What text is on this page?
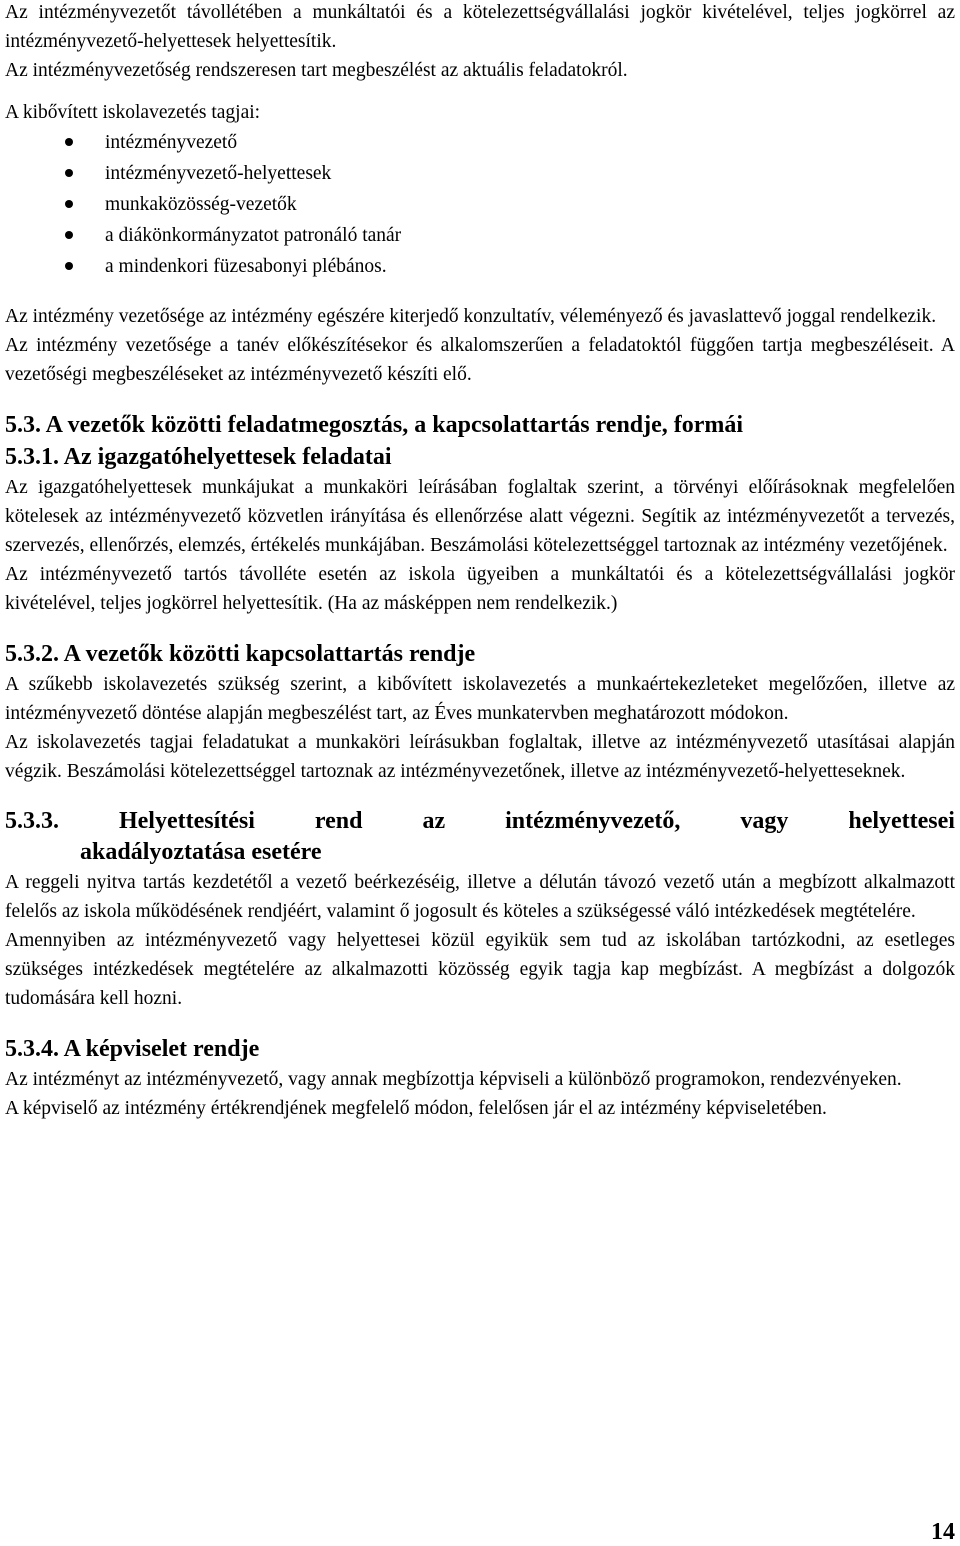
Az intézményvezetőt távollétében a munkáltatói és a kötelezettségvállalási jogkör kivételével, teljes jogkörrel az intézményvezető-helyettesek helyettesítik.

Az intézményvezetőség rendszeresen tart megbeszélést az aktuális feladatokról.

A kibővített iskolavezetés tagjai:

intézményvezető
intézményvezető-helyettesek
munkaközösség-vezetők
a diákönkormányzatot patronáló tanár
a mindenkori füzesabonyi plébános.

Az intézmény vezetősége az intézmény egészére kiterjedő konzultatív, véleményező és javaslattevő joggal rendelkezik.

Az intézmény vezetősége a tanév előkészítésekor és alkalomszerűen a feladatoktól függően tartja megbeszéléseit. A vezetőségi megbeszéléseket az intézményvezető készíti elő.

5.3. A vezetők közötti feladatmegosztás, a kapcsolattartás rendje, formái
5.3.1. Az igazgatóhelyettesek feladatai

Az igazgatóhelyettesek munkájukat a munkaköri leírásában foglaltak szerint, a törvényi előírásoknak megfelelően kötelesek az intézményvezető közvetlen irányítása és ellenőrzése alatt végezni. Segítik az intézményvezetőt a tervezés, szervezés, ellenőrzés, elemzés, értékelés munkájában. Beszámolási kötelezettséggel tartoznak az intézmény vezetőjének.

Az intézményvezető tartós távolléte esetén az iskola ügyeiben a munkáltatói és a kötelezettségvállalási jogkör kivételével, teljes jogkörrel helyettesítik. (Ha az másképpen nem rendelkezik.)

5.3.2. A vezetők közötti kapcsolattartás rendje

A szűkebb iskolavezetés szükség szerint, a kibővített iskolavezetés a munkaértekezleteket megelőzően, illetve az intézményvezető döntése alapján megbeszélést tart, az Éves munkatervben meghatározott módokon.

Az iskolavezetés tagjai feladatukat a munkaköri leírásukban foglaltak, illetve az intézményvezető utasításai alapján végzik. Beszámolási kötelezettséggel tartoznak az intézményvezetőnek, illetve az intézményvezető-helyetteseknek.

5.3.3. Helyettesítési rend az intézményvezető, vagy helyettesei
akadályoztatása esetére

A reggeli nyitva tartás kezdetétől a vezető beérkezéséig, illetve a délután távozó vezető után a megbízott alkalmazott felelős az iskola működésének rendjéért, valamint ő jogosult és köteles a szükségessé váló intézkedések megtételére.

Amennyiben az intézményvezető vagy helyettesei közül egyikük sem tud az iskolában tartózkodni, az esetleges szükséges intézkedések megtételére az alkalmazotti közösség egyik tagja kap megbízást. A megbízást a dolgozók tudomására kell hozni.

5.3.4. A képviselet rendje

Az intézményt az intézményvezető, vagy annak megbízottja képviseli a különböző programokon, rendezvényeken.

A képviselő az intézmény értékrendjének megfelelő módon, felelősen jár el az intézmény képviseletében.

14
